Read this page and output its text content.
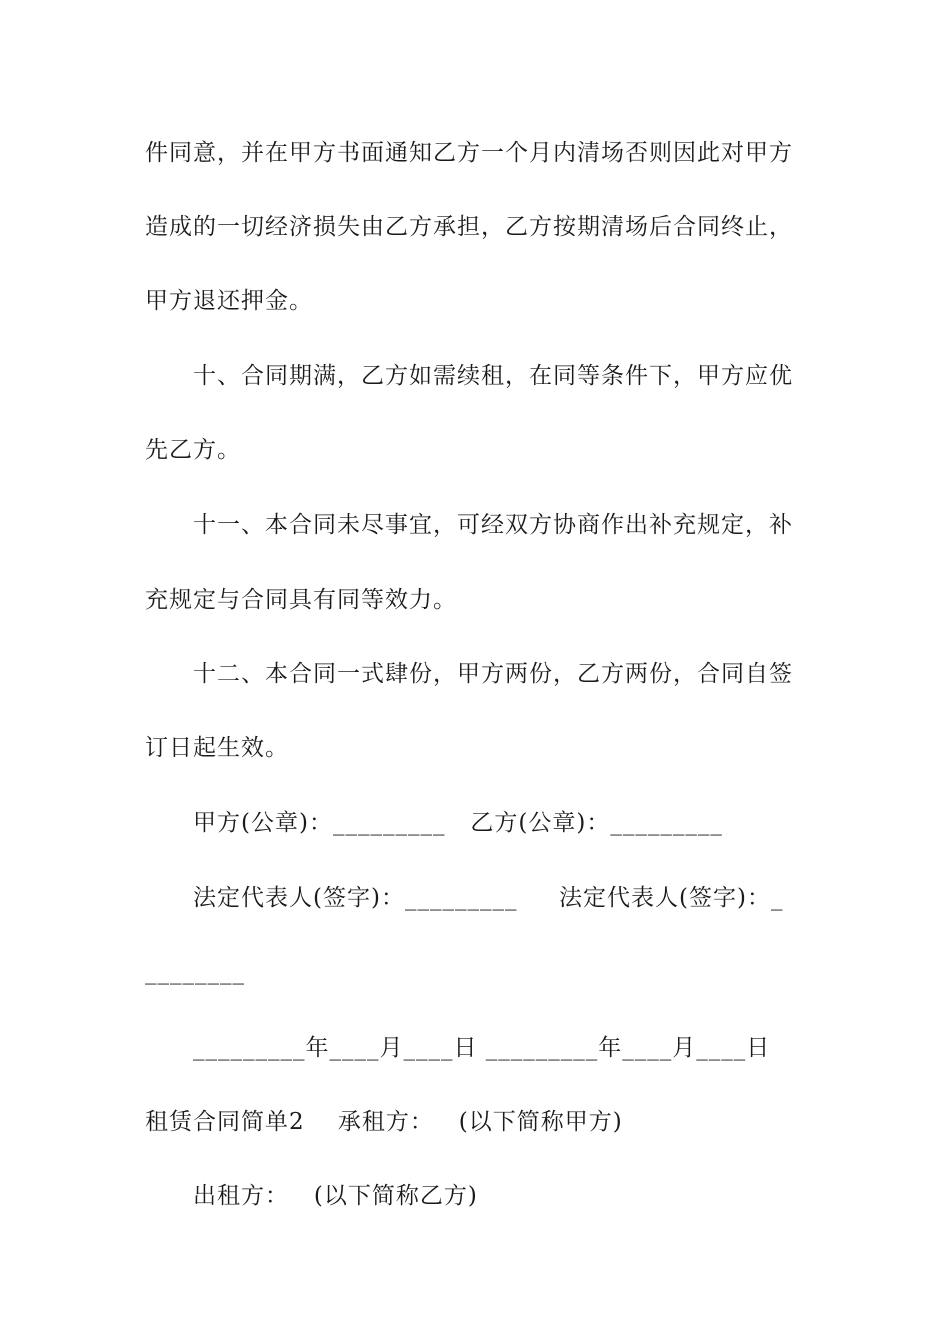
件同意，并在甲方书面通知乙方一个月内清场否则因此对甲方
造成的一切经济损失由乙方承担，乙方按期清场后合同终止，
甲方退还押金。
十、合同期满，乙方如需续租，在同等条件下，甲方应优
先乙方。
十一、本合同未尽事宜，可经双方协商作出补充规定，补
充规定与合同具有同等效力。
十二、本合同一式肆份，甲方两份，乙方两份，合同自签
订日起生效。
甲方(公章)：_________   乙方(公章)：_________
法定代表人(签字)：_________     法定代表人(签字)：_
________
_________年____月____日 _________年____月____日
租赁合同简单2    承租方：   (以下简称甲方)
出租方：   (以下简称乙方)
